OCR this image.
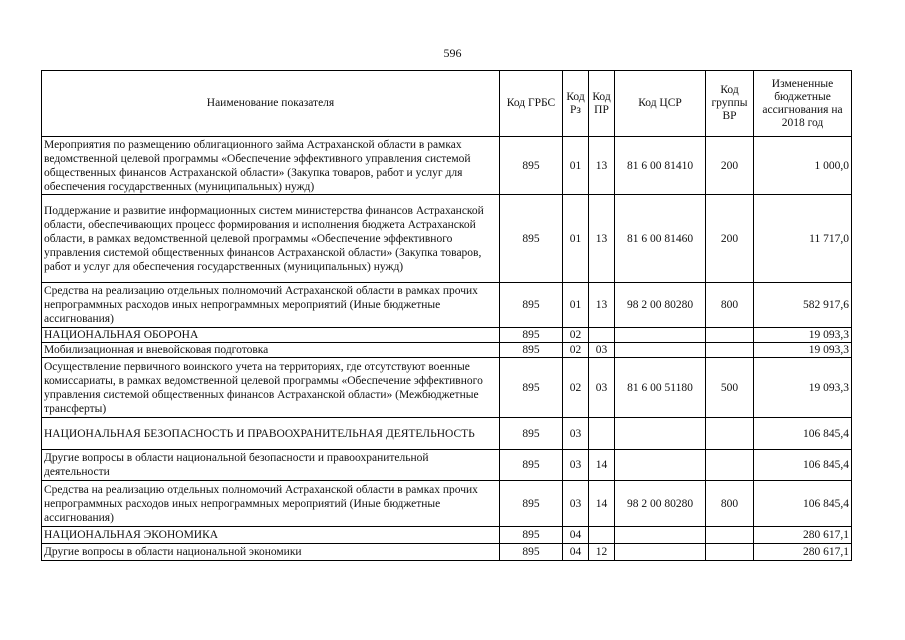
596
Наименование показателя	Код ГРБС	Код Рз	Код ПР	Код ЦСР	Код группы ВР	Измененные бюджетные ассигнования на 2018 год
Мероприятия по размещению облигационного займа Астраханской области в рамках ведомственной целевой программы «Обеспечение эффективного управления системой общественных финансов Астраханской области» (Закупка товаров, работ и услуг для обеспечения государственных (муниципальных) нужд)	895	01	13	81 6 00 81410	200	1 000,0
Поддержание и развитие информационных систем министерства финансов Астраханской области, обеспечивающих процесс формирования и исполнения бюджета Астраханской области, в рамках ведомственной целевой программы «Обеспечение эффективного управления системой общественных финансов Астраханской области» (Закупка товаров, работ и услуг для обеспечения государственных (муниципальных) нужд)	895	01	13	81 6 00 81460	200	11 717,0
Средства на реализацию отдельных полномочий Астраханской области в рамках прочих непрограммных расходов иных непрограммных мероприятий (Иные бюджетные ассигнования)	895	01	13	98 2 00 80280	800	582 917,6
НАЦИОНАЛЬНАЯ ОБОРОНА	895	02				19 093,3
Мобилизационная и вневойсковая подготовка	895	02	03			19 093,3
Осуществление первичного воинского учета на территориях, где отсутствуют военные комиссариаты, в рамках ведомственной целевой программы «Обеспечение эффективного управления системой общественных финансов Астраханской области» (Межбюджетные трансферты)	895	02	03	81 6 00 51180	500	19 093,3
НАЦИОНАЛЬНАЯ БЕЗОПАСНОСТЬ И ПРАВООХРАНИТЕЛЬНАЯ ДЕЯТЕЛЬНОСТЬ	895	03				106 845,4
Другие вопросы в области национальной безопасности и правоохранительной деятельности	895	03	14			106 845,4
Средства на реализацию отдельных полномочий Астраханской области в рамках прочих непрограммных расходов иных непрограммных мероприятий (Иные бюджетные ассигнования)	895	03	14	98 2 00 80280	800	106 845,4
НАЦИОНАЛЬНАЯ ЭКОНОМИКА	895	04				280 617,1
Другие вопросы в области национальной экономики	895	04	12			280 617,1
